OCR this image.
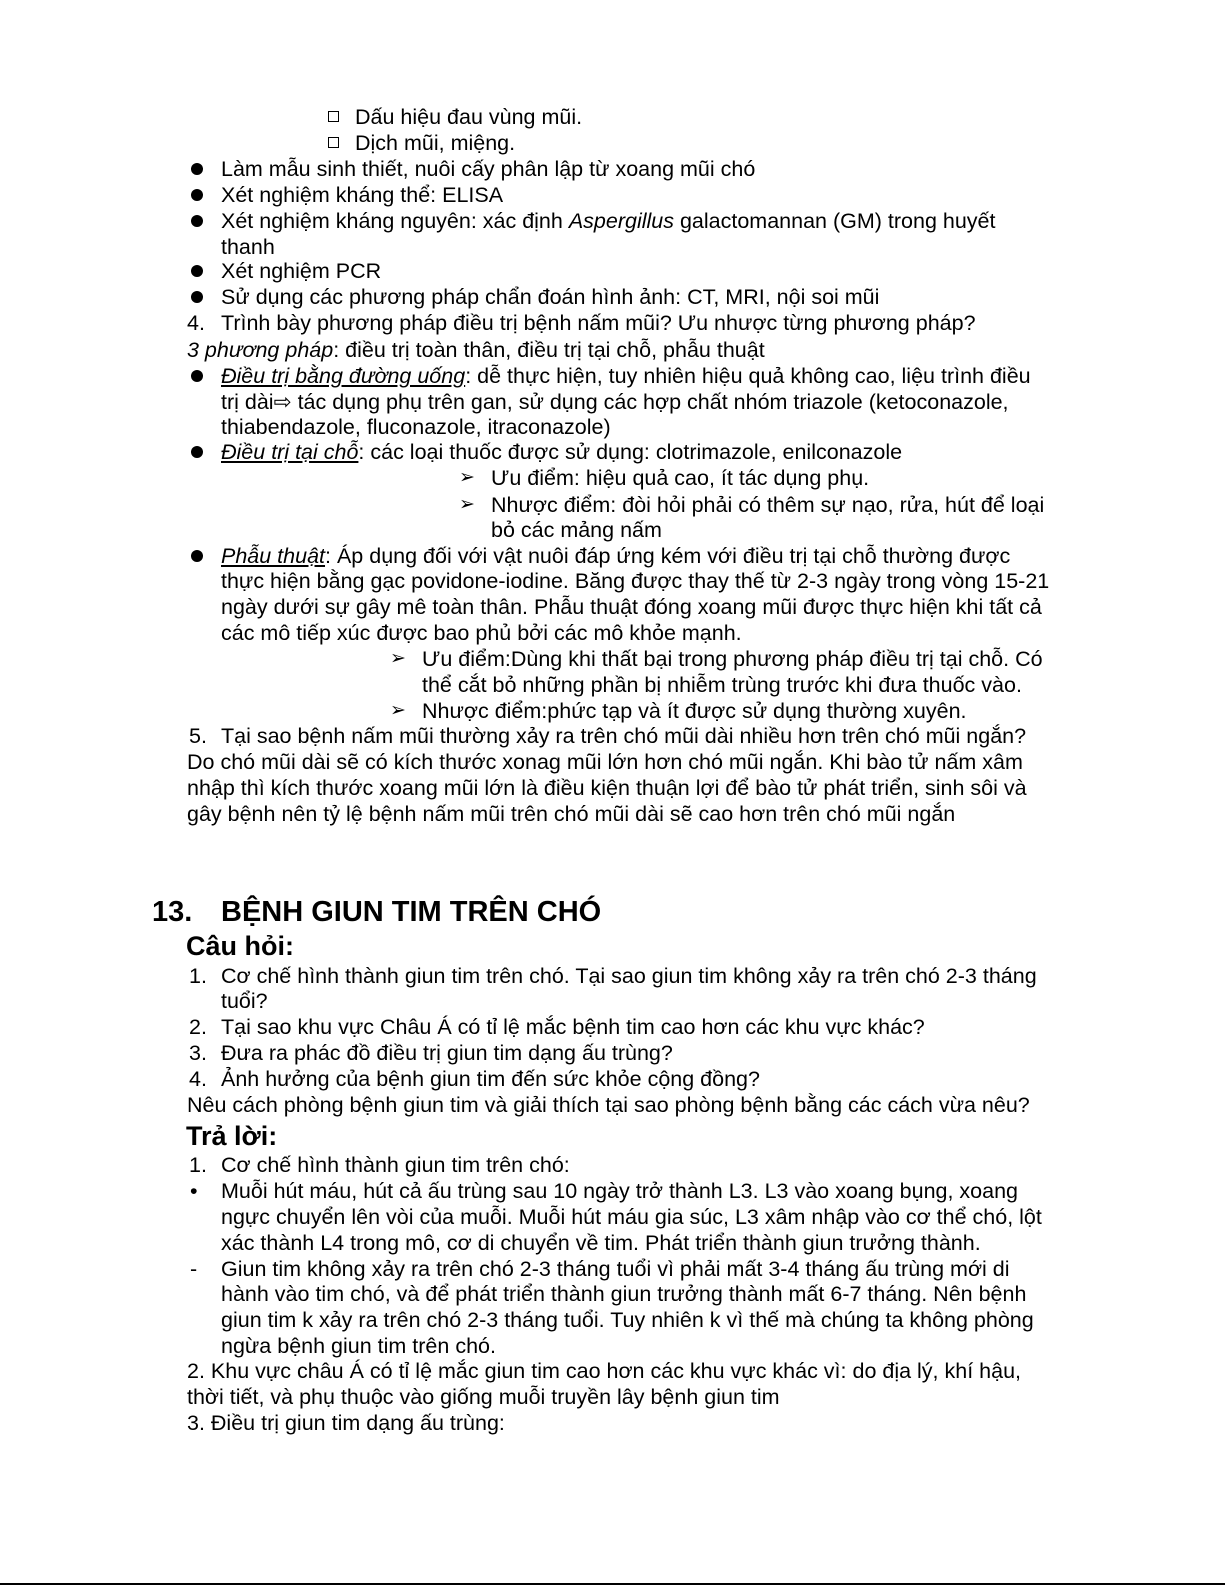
Dấu hiệu đau vùng mũi.
Dịch mũi, miệng.
Làm mẫu sinh thiết, nuôi cấy phân lập từ xoang mũi chó
Xét nghiệm kháng thể: ELISA
Xét nghiệm kháng nguyên: xác định Aspergillus galactomannan (GM) trong huyết
thanh
Xét nghiệm PCR
Sử dụng các phương pháp chẩn đoán hình ảnh: CT, MRI, nội soi mũi
4. Trình bày phương pháp điều trị bệnh nấm mũi? Ưu nhược từng phương pháp?
3 phương pháp: điều trị toàn thân, điều trị tại chỗ, phẫu thuật
Điều trị bằng đường uống: dễ thực hiện, tuy nhiên hiệu quả không cao, liệu trình điều
trị dài⇨ tác dụng phụ trên gan, sử dụng các hợp chất nhóm triazole (ketoconazole,
thiabendazole, fluconazole, itraconazole)
Điều trị tại chỗ: các loại thuốc được sử dụng: clotrimazole, enilconazole
➢ Ưu điểm: hiệu quả cao, ít tác dụng phụ.
➢ Nhược điểm: đòi hỏi phải có thêm sự nạo, rửa, hút để loại
bỏ các mảng nấm
Phẫu thuật: Áp dụng đối với vật nuôi đáp ứng kém với điều trị tại chỗ thường được
thực hiện bằng gạc povidone-iodine. Băng được thay thế từ 2-3 ngày trong vòng 15-21
ngày dưới sự gây mê toàn thân. Phẫu thuật đóng xoang mũi được thực hiện khi tất cả
các mô tiếp xúc được bao phủ bởi các mô khỏe mạnh.
➢ Ưu điểm:Dùng khi thất bại trong phương pháp điều trị tại chỗ. Có
thể cắt bỏ những phần bị nhiễm trùng trước khi đưa thuốc vào.
➢ Nhược điểm:phức tạp và ít được sử dụng thường xuyên.
5. Tại sao bệnh nấm mũi thường xảy ra trên chó mũi dài nhiều hơn trên chó mũi ngắn?
Do chó mũi dài sẽ có kích thước xonag mũi lớn hơn chó mũi ngắn. Khi bào tử nấm xâm
nhập thì kích thước xoang mũi lớn là điều kiện thuận lợi để bào tử phát triển, sinh sôi và
gây bệnh nên tỷ lệ bệnh nấm mũi trên chó mũi dài sẽ cao hơn trên chó mũi ngắn
13. BỆNH GIUN TIM TRÊN CHÓ
Câu hỏi:
1. Cơ chế hình thành giun tim trên chó. Tại sao giun tim không xảy ra trên chó 2-3 tháng
tuổi?
2. Tại sao khu vực Châu Á có tỉ lệ mắc bệnh tim cao hơn các khu vực khác?
3. Đưa ra phác đồ điều trị giun tim dạng ấu trùng?
4. Ảnh hưởng của bệnh giun tim đến sức khỏe cộng đồng?
Nêu cách phòng bệnh giun tim và giải thích tại sao phòng bệnh bằng các cách vừa nêu?
Trả lời:
1. Cơ chế hình thành giun tim trên chó:
• Muỗi hút máu, hút cả ấu trùng sau 10 ngày trở thành L3. L3 vào xoang bụng, xoang
ngực chuyển lên vòi của muỗi. Muỗi hút máu gia súc, L3 xâm nhập vào cơ thể chó, lột
xác thành L4 trong mô, cơ di chuyển về tim. Phát triển thành giun trưởng thành.
- Giun tim không xảy ra trên chó 2-3 tháng tuổi vì phải mất 3-4 tháng ấu trùng mới di
hành vào tim chó, và để phát triển thành giun trưởng thành mất 6-7 tháng. Nên bệnh
giun tim k xảy ra trên chó 2-3 tháng tuổi. Tuy nhiên k vì thế mà chúng ta không phòng
ngừa bệnh giun tim trên chó.
2. Khu vực châu Á có tỉ lệ mắc giun tim cao hơn các khu vực khác vì: do địa lý, khí hậu,
thời tiết, và phụ thuộc vào giống muỗi truyền lây bệnh giun tim
3. Điều trị giun tim dạng ấu trùng:
